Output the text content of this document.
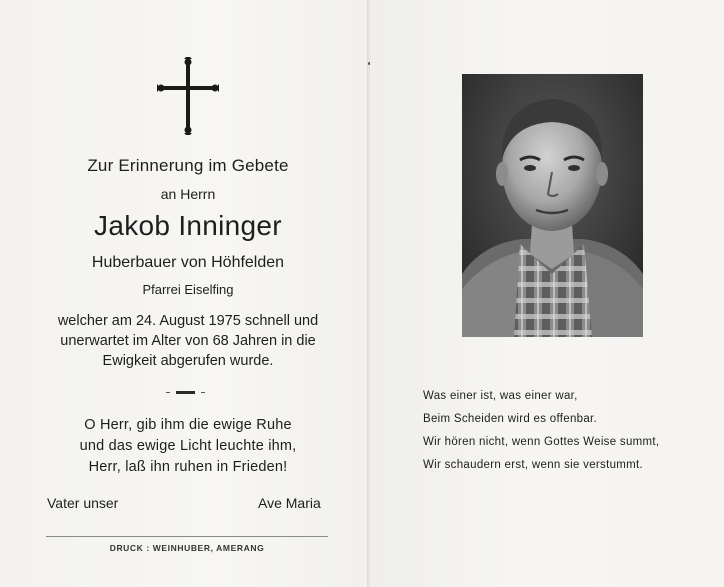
Zur Erinnerung im Gebete
an Herrn
Jakob Inninger
Huberbauer von Höhfelden
Pfarrei Eiselfing
welcher am 24. August 1975 schnell und
unerwartet im Alter von 68 Jahren in die
Ewigkeit abgerufen wurde.
O Herr, gib ihm die ewige Ruhe
und das ewige Licht leuchte ihm,
Herr, laß ihn ruhen in Frieden!
Vater unser	Ave Maria
DRUCK : WEINHUBER, AMERANG
Was einer ist, was einer war,
Beim Scheiden wird es offenbar.
Wir hören nicht, wenn Gottes Weise summt,
Wir schaudern erst, wenn sie verstummt.
